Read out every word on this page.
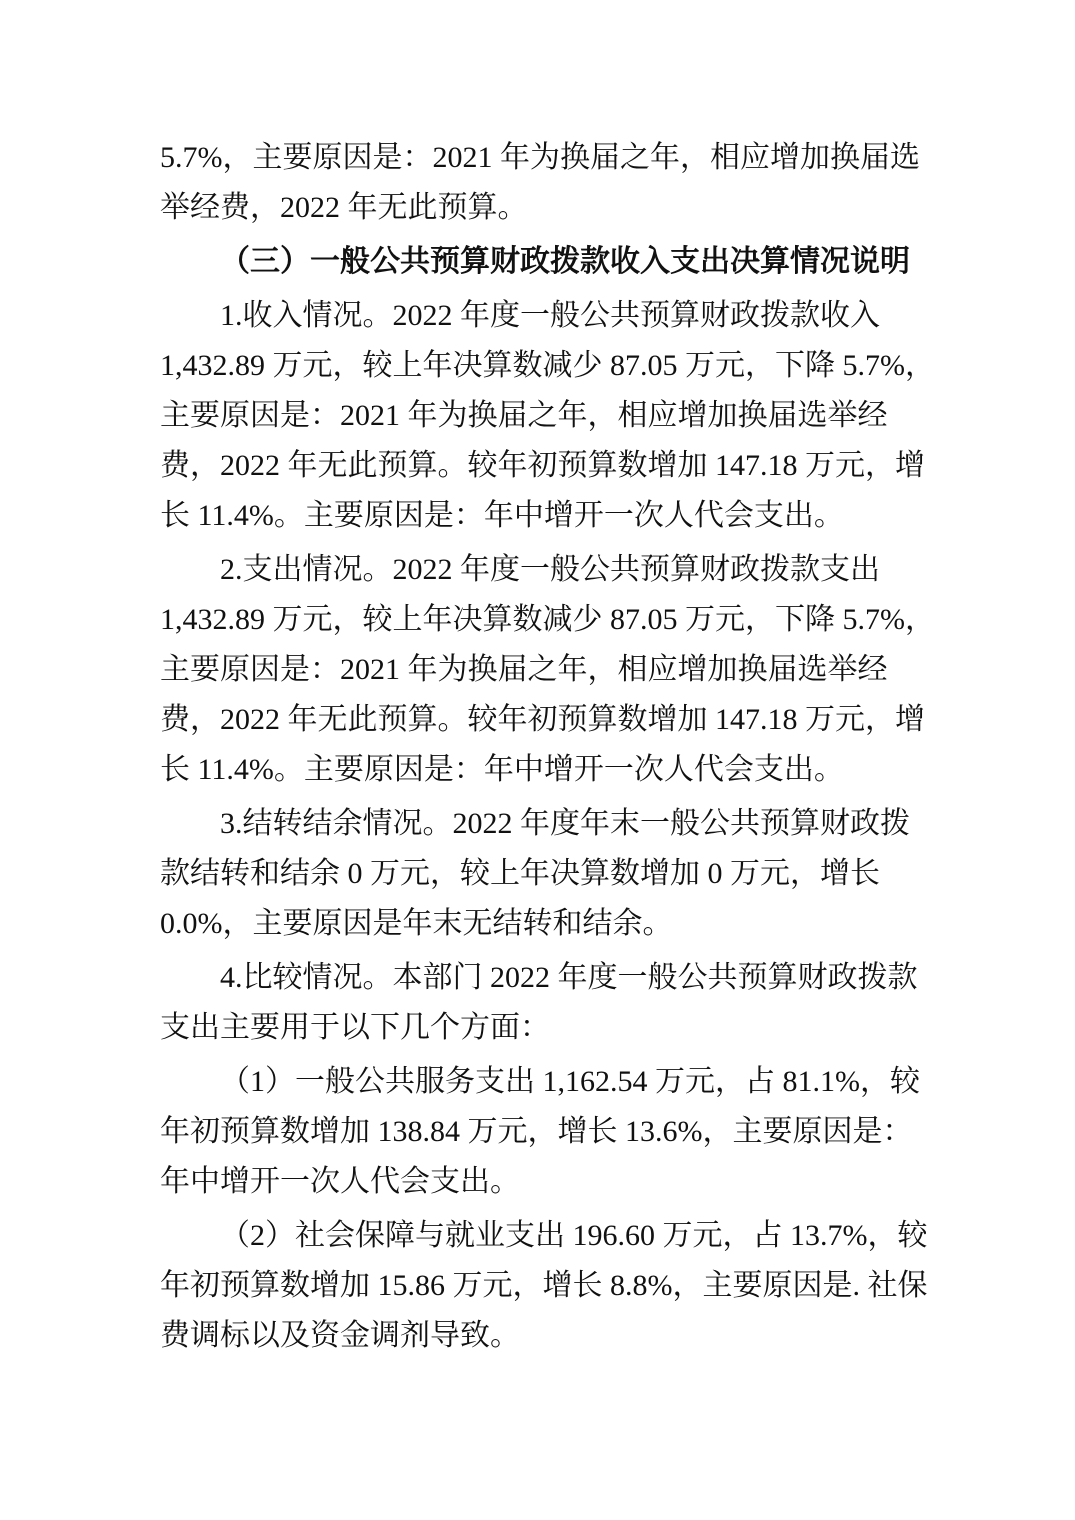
5.7%，主要原因是：2021 年为换届之年，相应增加换届选
举经费，2022 年无此预算。
（三）一般公共预算财政拨款收入支出决算情况说明
1.收入情况。2022 年度一般公共预算财政拨款收入
1,432.89 万元，较上年决算数减少 87.05 万元，下降 5.7%，
主要原因是：2021 年为换届之年，相应增加换届选举经
费，2022 年无此预算。较年初预算数增加 147.18 万元，增
长 11.4%。主要原因是：年中增开一次人代会支出。
2.支出情况。2022 年度一般公共预算财政拨款支出
1,432.89 万元，较上年决算数减少 87.05 万元，下降 5.7%，
主要原因是：2021 年为换届之年，相应增加换届选举经
费，2022 年无此预算。较年初预算数增加 147.18 万元，增
长 11.4%。主要原因是：年中增开一次人代会支出。
3.结转结余情况。2022 年度年末一般公共预算财政拨
款结转和结余 0 万元，较上年决算数增加 0 万元，增长
0.0%，主要原因是年末无结转和结余。
4.比较情况。本部门 2022 年度一般公共预算财政拨款
支出主要用于以下几个方面：
（1）一般公共服务支出 1,162.54 万元，占 81.1%，较
年初预算数增加 138.84 万元，增长 13.6%，主要原因是：
年中增开一次人代会支出。
（2）社会保障与就业支出 196.60 万元，占 13.7%，较
年初预算数增加 15.86 万元，增长 8.8%，主要原因是. 社保
费调标以及资金调剂导致。
